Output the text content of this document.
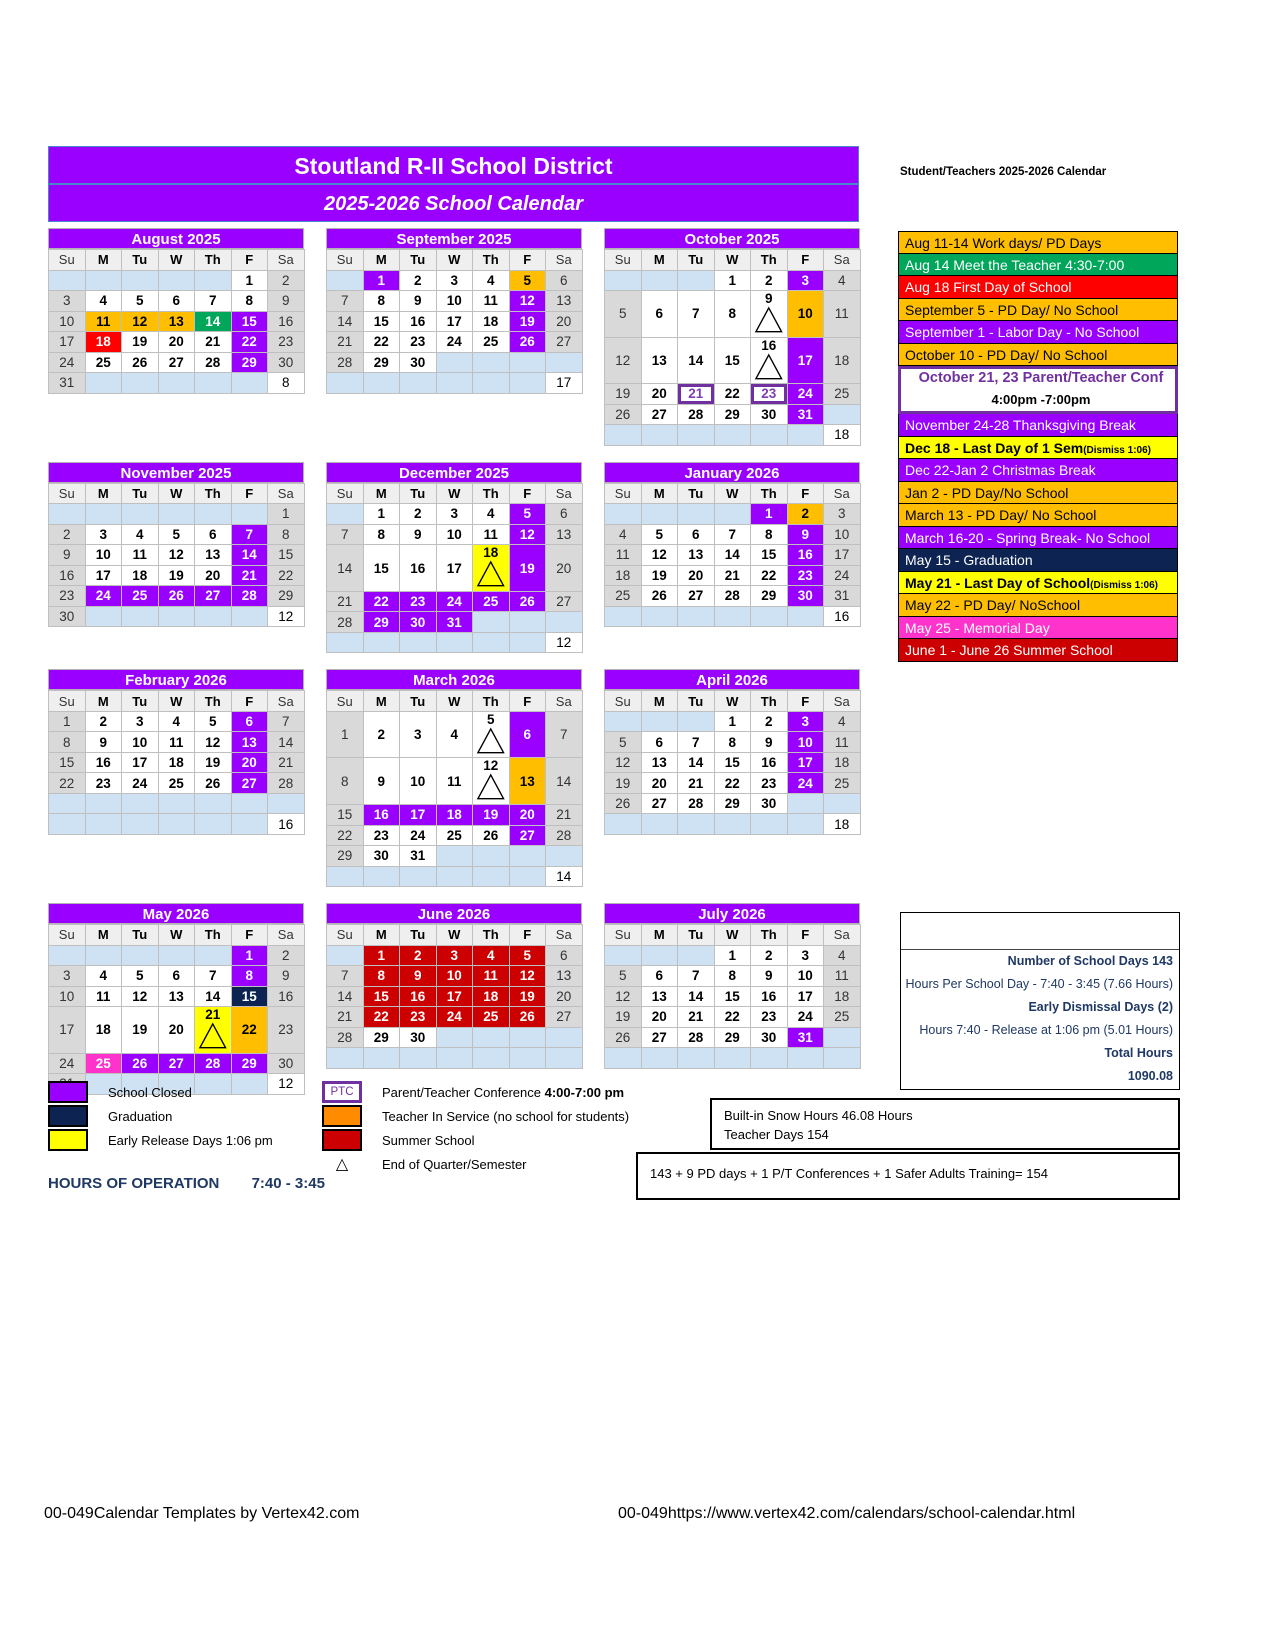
Stoutland R-II School District
2025-2026 School Calendar
Student/Teachers 2025-2026 Calendar
August 2025
Su	M	Tu	W	Th	F	Sa
					1	2
3	4	5	6	7	8	9
10	11	12	13	14	15	16
17	18	19	20	21	22	23
24	25	26	27	28	29	30
31						8
September 2025
Su	M	Tu	W	Th	F	Sa
	1	2	3	4	5	6
7	8	9	10	11	12	13
14	15	16	17	18	19	20
21	22	23	24	25	26	27
28	29	30				
						17
October 2025
Su	M	Tu	W	Th	F	Sa
			1	2	3	4
5	6	7	8	9	10	11
12	13	14	15	16	17	18
19	20	21	22	23	24	25
26	27	28	29	30	31	
						18
November 2025
Su	M	Tu	W	Th	F	Sa
						1
2	3	4	5	6	7	8
9	10	11	12	13	14	15
16	17	18	19	20	21	22
23	24	25	26	27	28	29
30						12
December 2025
Su	M	Tu	W	Th	F	Sa
	1	2	3	4	5	6
7	8	9	10	11	12	13
14	15	16	17	18	19	20
21	22	23	24	25	26	27
28	29	30	31			
						12
January 2026
Su	M	Tu	W	Th	F	Sa
				1	2	3
4	5	6	7	8	9	10
11	12	13	14	15	16	17
18	19	20	21	22	23	24
25	26	27	28	29	30	31
						16
February 2026
Su	M	Tu	W	Th	F	Sa
1	2	3	4	5	6	7
8	9	10	11	12	13	14
15	16	17	18	19	20	21
22	23	24	25	26	27	28

						16
March 2026
Su	M	Tu	W	Th	F	Sa
1	2	3	4	5	6	7
8	9	10	11	12	13	14
15	16	17	18	19	20	21
22	23	24	25	26	27	28
29	30	31				
						14
April 2026
Su	M	Tu	W	Th	F	Sa
			1	2	3	4
5	6	7	8	9	10	11
12	13	14	15	16	17	18
19	20	21	22	23	24	25
26	27	28	29	30		
						18
May 2026
Su	M	Tu	W	Th	F	Sa
					1	2
3	4	5	6	7	8	9
10	11	12	13	14	15	16
17	18	19	20	21	22	23
24	25	26	27	28	29	30
						12
June 2026
Su	M	Tu	W	Th	F	Sa
	1	2	3	4	5	6
7	8	9	10	11	12	13
14	15	16	17	18	19	20
21	22	23	24	25	26	27
28	29	30				

July 2026
Su	M	Tu	W	Th	F	Sa
			1	2	3	4
5	6	7	8	9	10	11
12	13	14	15	16	17	18
19	20	21	22	23	24	25
26	27	28	29	30	31	

Aug 11-14 Work days/ PD Days
Aug 14 Meet the Teacher 4:30-7:00
Aug 18 First Day of School
September 5 - PD Day/ No School
September 1 - Labor Day - No School
October 10 - PD Day/ No School
October 21, 23 Parent/Teacher Conf
4:00pm -7:00pm
November 24-28 Thanksgiving Break
Dec 18 - Last Day of 1 Sem(Dismiss 1:06)
Dec 22-Jan 2 Christmas Break
Jan 2 - PD Day/No School
March 13 - PD Day/ No School
March 16-20 - Spring Break- No School
May 15 - Graduation
May 21 - Last Day of School(Dismiss 1:06)
May 22 - PD Day/ NoSchool
May 25 - Memorial Day
June 1 - June 26 Summer School
Number of School Days 143
Hours Per School Day - 7:40 - 3:45 (7.66 Hours)
Early Dismissal Days (2)
Hours 7:40 - Release at 1:06 pm (5.01 Hours)
Total Hours
1090.08
Built-in Snow Hours 46.08 Hours
Teacher Days 154
143 + 9 PD days + 1 P/T Conferences + 1 Safer Adults Training= 154
School Closed
Graduation
Early Release Days 1:06 pm
PTC	Parent/Teacher Conference 4:00-7:00 pm
Teacher In Service (no school for students)
Summer School
△	End of Quarter/Semester
HOURS OF OPERATION 7:40 - 3:45
00-049Calendar Templates by Vertex42.com	00-049https://www.vertex42.com/calendars/school-calendar.html
